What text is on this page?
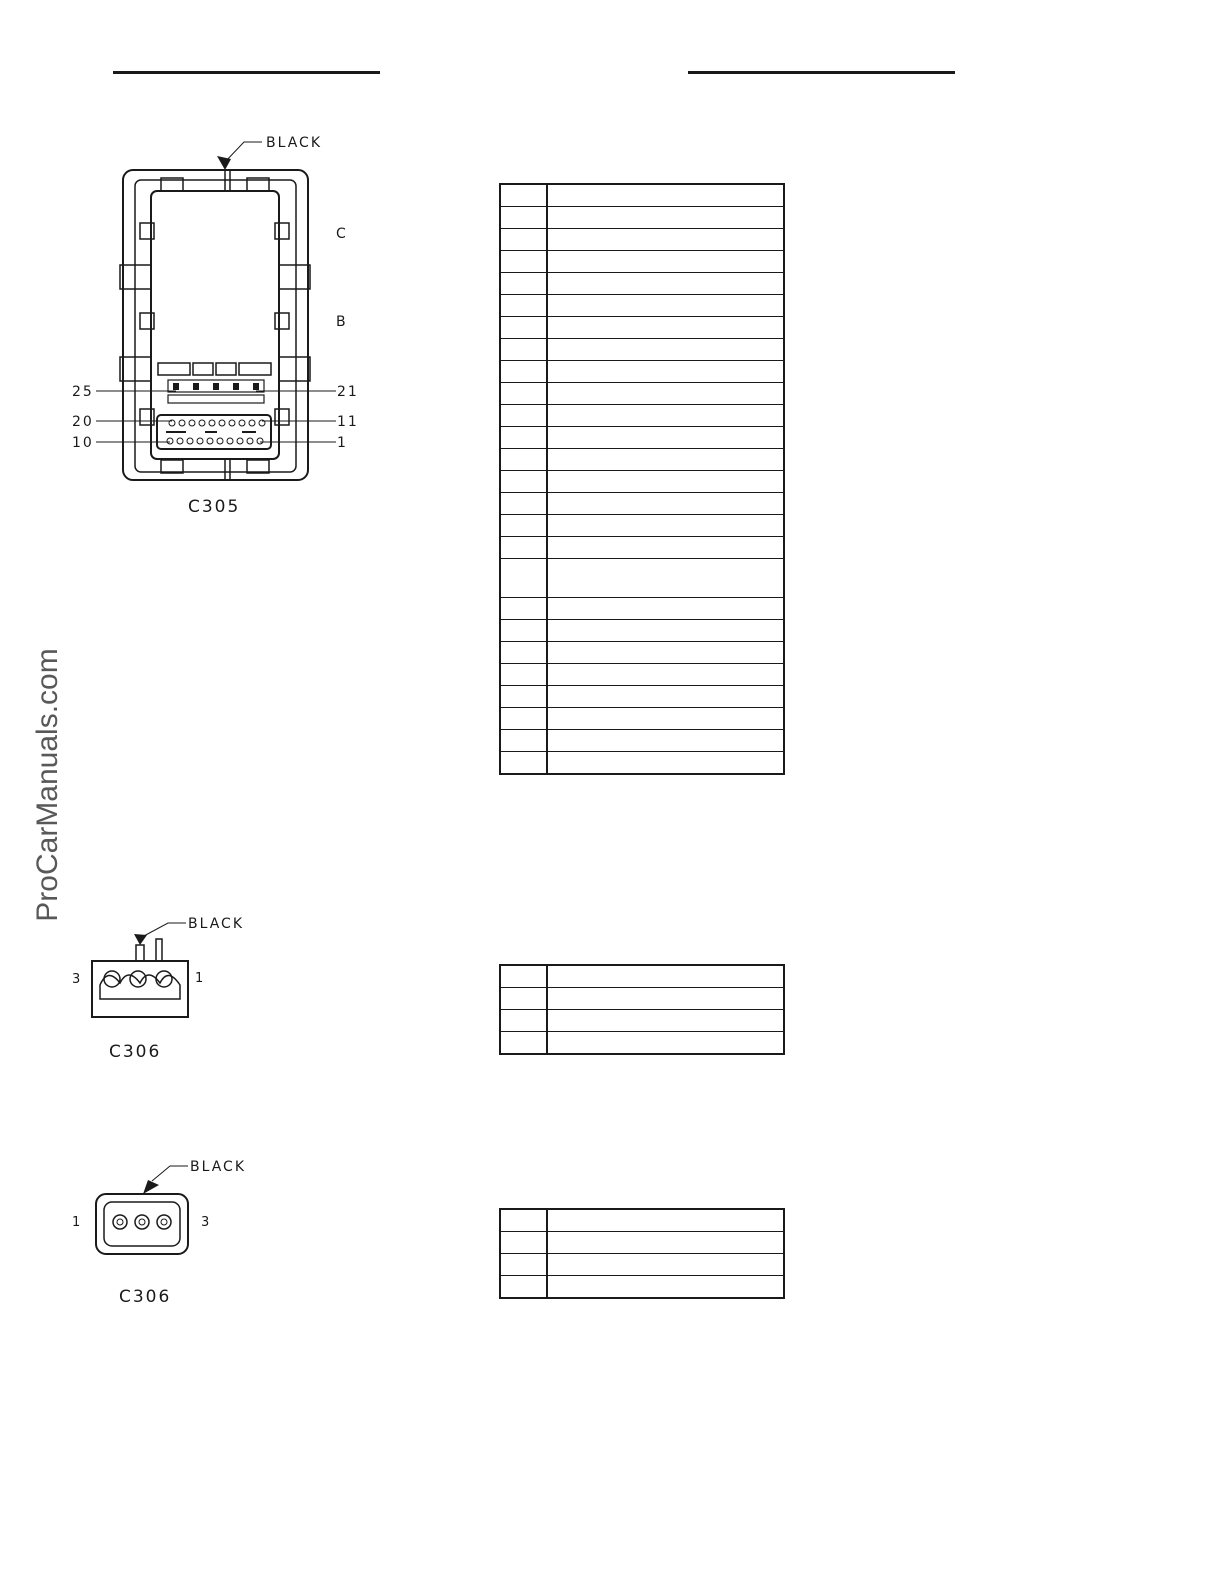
ProCarManuals.com
BLACK
C
B
25	21
20	11
10	1
C305
BLACK
3	1
C306
BLACK
1	3
C306
